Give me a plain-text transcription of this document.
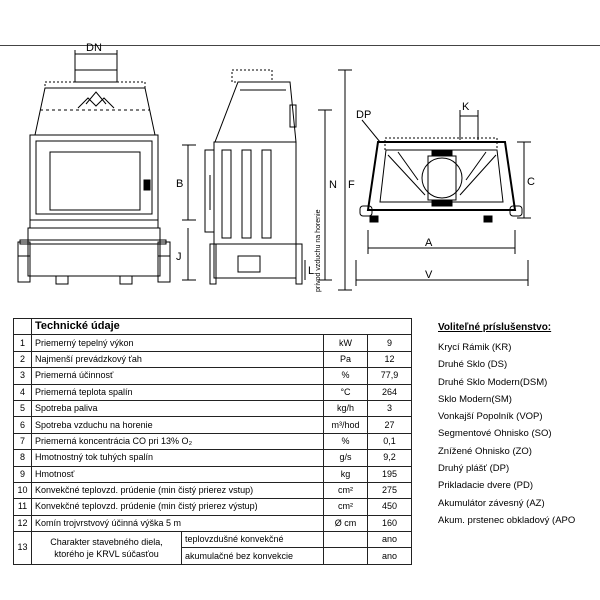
DN
B
J
L
N F
K
DP
C
A
V
prívod vzduchu na horenie
	Technické údaje			
1	Priemerný tepelný výkon		kW	9
2	Najmenší prevádzkový ťah		Pa	12
3	Priemerná účinnosť		%	77,9
4	Priemerná teplota spalín		°C	264
5	Spotreba paliva		kg/h	3
6	Spotreba vzduchu na horenie		m³/hod	27
7	Priemerná koncentrácia CO pri 13% O₂		%	0,1
8	Hmotnostný tok tuhých spalín		g/s	9,2
9	Hmotnosť		kg	195
10	Konvekčné teplovzd. prúdenie (min čistý prierez vstup)		cm²	275
11	Konvekčné teplovzd. prúdenie (min čistý prierez výstup)		cm²	450
12	Komín trojvrstvový účinná výška 5 m		Ø cm	160
13	Charakter stavebného diela, ktorého je KRVL súčasťou	teplovzdušné konvekčné		ano
		akumulačné bez konvekcie		ano
Voliteľné príslušenstvo:
Krycí Rámik (KR)
Druhé Sklo (DS)
Druhé Sklo Modern(DSM)
Sklo Modern(SM)
Vonkajší Popolník (VOP)
Segmentové Ohnisko (SO)
Znížené Ohnisko (ZO)
Druhý plášť (DP)
Prikladacie dvere (PD)
Akumulátor závesný (AZ)
Akum. prstenec obkladový (APO
